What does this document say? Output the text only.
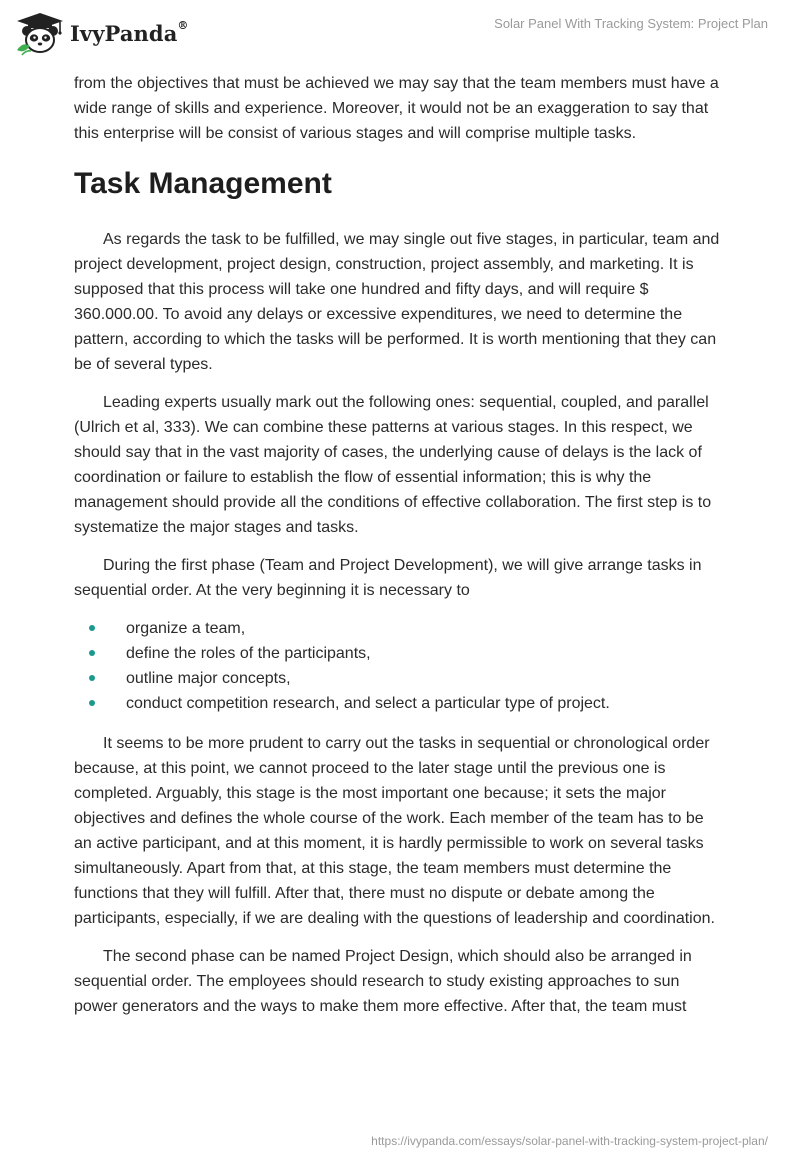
IvyPanda®	Solar Panel With Tracking System: Project Plan

from the objectives that must be achieved we may say that the team members must have a wide range of skills and experience. Moreover, it would not be an exaggeration to say that this enterprise will be consist of various stages and will comprise multiple tasks.

Task Management

As regards the task to be fulfilled, we may single out five stages, in particular, team and project development, project design, construction, project assembly, and marketing. It is supposed that this process will take one hundred and fifty days, and will require $ 360.000.00. To avoid any delays or excessive expenditures, we need to determine the pattern, according to which the tasks will be performed. It is worth mentioning that they can be of several types.

Leading experts usually mark out the following ones: sequential, coupled, and parallel (Ulrich et al, 333). We can combine these patterns at various stages. In this respect, we should say that in the vast majority of cases, the underlying cause of delays is the lack of coordination or failure to establish the flow of essential information; this is why the management should provide all the conditions of effective collaboration. The first step is to systematize the major stages and tasks.

During the first phase (Team and Project Development), we will give arrange tasks in sequential order. At the very beginning it is necessary to

organize a team,
define the roles of the participants,
outline major concepts,
conduct competition research, and select a particular type of project.

It seems to be more prudent to carry out the tasks in sequential or chronological order because, at this point, we cannot proceed to the later stage until the previous one is completed. Arguably, this stage is the most important one because; it sets the major objectives and defines the whole course of the work. Each member of the team has to be an active participant, and at this moment, it is hardly permissible to work on several tasks simultaneously. Apart from that, at this stage, the team members must determine the functions that they will fulfill. After that, there must no dispute or debate among the participants, especially, if we are dealing with the questions of leadership and coordination.

The second phase can be named Project Design, which should also be arranged in sequential order. The employees should research to study existing approaches to sun power generators and the ways to make them more effective. After that, the team must

https://ivypanda.com/essays/solar-panel-with-tracking-system-project-plan/
